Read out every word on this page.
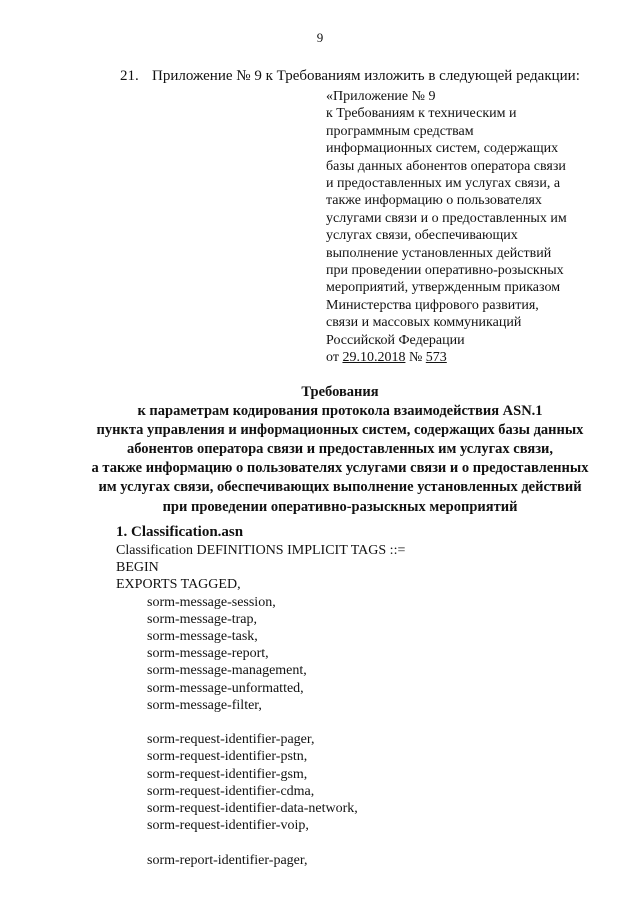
9
21. Приложение № 9 к Требованиям изложить в следующей редакции:
«Приложение № 9
к Требованиям к техническим и
программным средствам
информационных систем, содержащих
базы данных абонентов оператора связи
и предоставленных им услугах связи, а
также информацию о пользователях
услугами связи и о предоставленных им
услугах связи, обеспечивающих
выполнение установленных действий
при проведении оперативно-розыскных
мероприятий, утвержденным приказом
Министерства цифрового развития,
связи и массовых коммуникаций
Российской Федерации
от 29.10.2018 № 573
Требования
к параметрам кодирования протокола взаимодействия ASN.1
пункта управления и информационных систем, содержащих базы данных
абонентов оператора связи и предоставленных им услугах связи,
а также информацию о пользователях услугами связи и о предоставленных
им услугах связи, обеспечивающих выполнение установленных действий
при проведении оперативно-разыскных мероприятий
1. Classification.asn
Classification DEFINITIONS IMPLICIT TAGS ::=
BEGIN
EXPORTS TAGGED,
sorm-message-session,
sorm-message-trap,
sorm-message-task,
sorm-message-report,
sorm-message-management,
sorm-message-unformatted,
sorm-message-filter,
sorm-request-identifier-pager,
sorm-request-identifier-pstn,
sorm-request-identifier-gsm,
sorm-request-identifier-cdma,
sorm-request-identifier-data-network,
sorm-request-identifier-voip,
sorm-report-identifier-pager,
